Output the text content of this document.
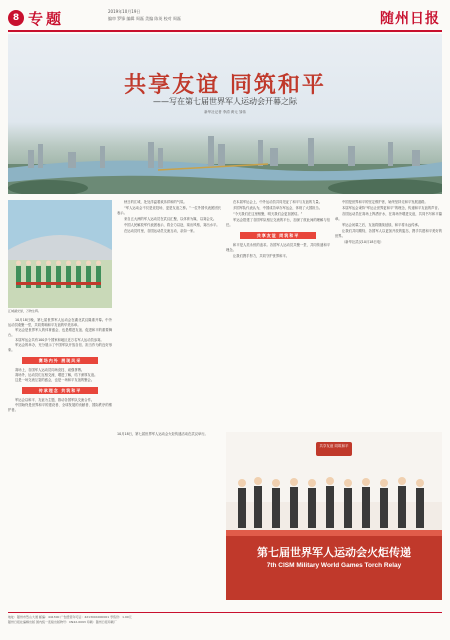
8 专题	2019年10月19日
编审 罗锋 编辑 周磊 美编 陈英 校对 周磊	随州日报
共享友谊 同筑和平
——写在第七届世界军人运动会开幕之际
新华社记者 李清 黄元 邹伟
江城湖光绿，万物生辉。

10月18日晚，第七届世界军人运动会在湖北武汉隆重开幕。中外运动员欢聚一堂，共同奏响和平友谊的华美乐章。

军运会是世界军人的体育盛会，也是增进友谊、促进和平的重要舞台。

本届军运会共有100多个国家和地区近万名军人运动员参赛。

军运会的举办，充分展示了中国军队开放自信、担当作为的良好形象。

赛场内外 展现风采

赛场上，各国军人运动员同场竞技、顽强拼搏。

赛场外，运动员们互相交流、增进了解，结下深厚友谊。

这是一场交流互鉴的盛会，也是一场和平友谊的聚会。

传承理念 共筑和平

军运会以和平、友谊为主题，推动各国军队交流合作。

中国始终是世界和平的建设者、全球发展的贡献者、国际秩序的维护者。

秋日的江城，处处洋溢着欢乐祥和的气氛。

“军人运动会不仅是竞技场，更是友谊之桥。”一位外国代表团团长表示。

来自五大洲的军人运动员在武汉汇聚，以体育为媒，以赛会友。

中国人民解放军代表团表示，将全力以赴，赛出风格，赛出水平。

在运动员村里，各国运动员交流互动，亲如一家。

在本届军运会上，中外运动员共同见证了和平与友谊的力量。

多国军队代表认为，中国成功举办军运会，体现了大国担当。

“今天我们在这里相聚，明天我们会更加团结。”

军运会搭建了各国军队相互交流的平台，加深了彼此间的理解与信任。

共享友谊 同筑和平

和平是人类永恒的追求。各国军人运动员共聚一堂，共同传递和平理念。

让我们携手努力，共同守护世界和平。

中国是世界和平的坚定维护者，始终坚持走和平发展道路。

本届军运会秉持“军运让世界更和平”的理念，传递和平友谊的声音。

各国运动员在赛场上挥洒汗水，在赛场外增进友谊，共同书写和平篇章。

军运会闭幕之后，友谊将继续延续，和平将永远传承。

让我们共同期待，各国军人以更加开放的姿态，携手共建和平美好的世界。

（新华社武汉10月18日电）

10月18日，第七届世界军人运动会火炬传递活动在武汉举行。
共享友谊 同筑和平
第七届世界军人运动会火炬传递
7th CISM Military World Games Torch Relay
地址：随州市烈山大道 邮编：441300 广告经营许可证：4213004000001 零售价：1.00元
随州日报社编辑出版 国内统一连续出版物号：CN42-0093 印刷：随州日报印刷厂
